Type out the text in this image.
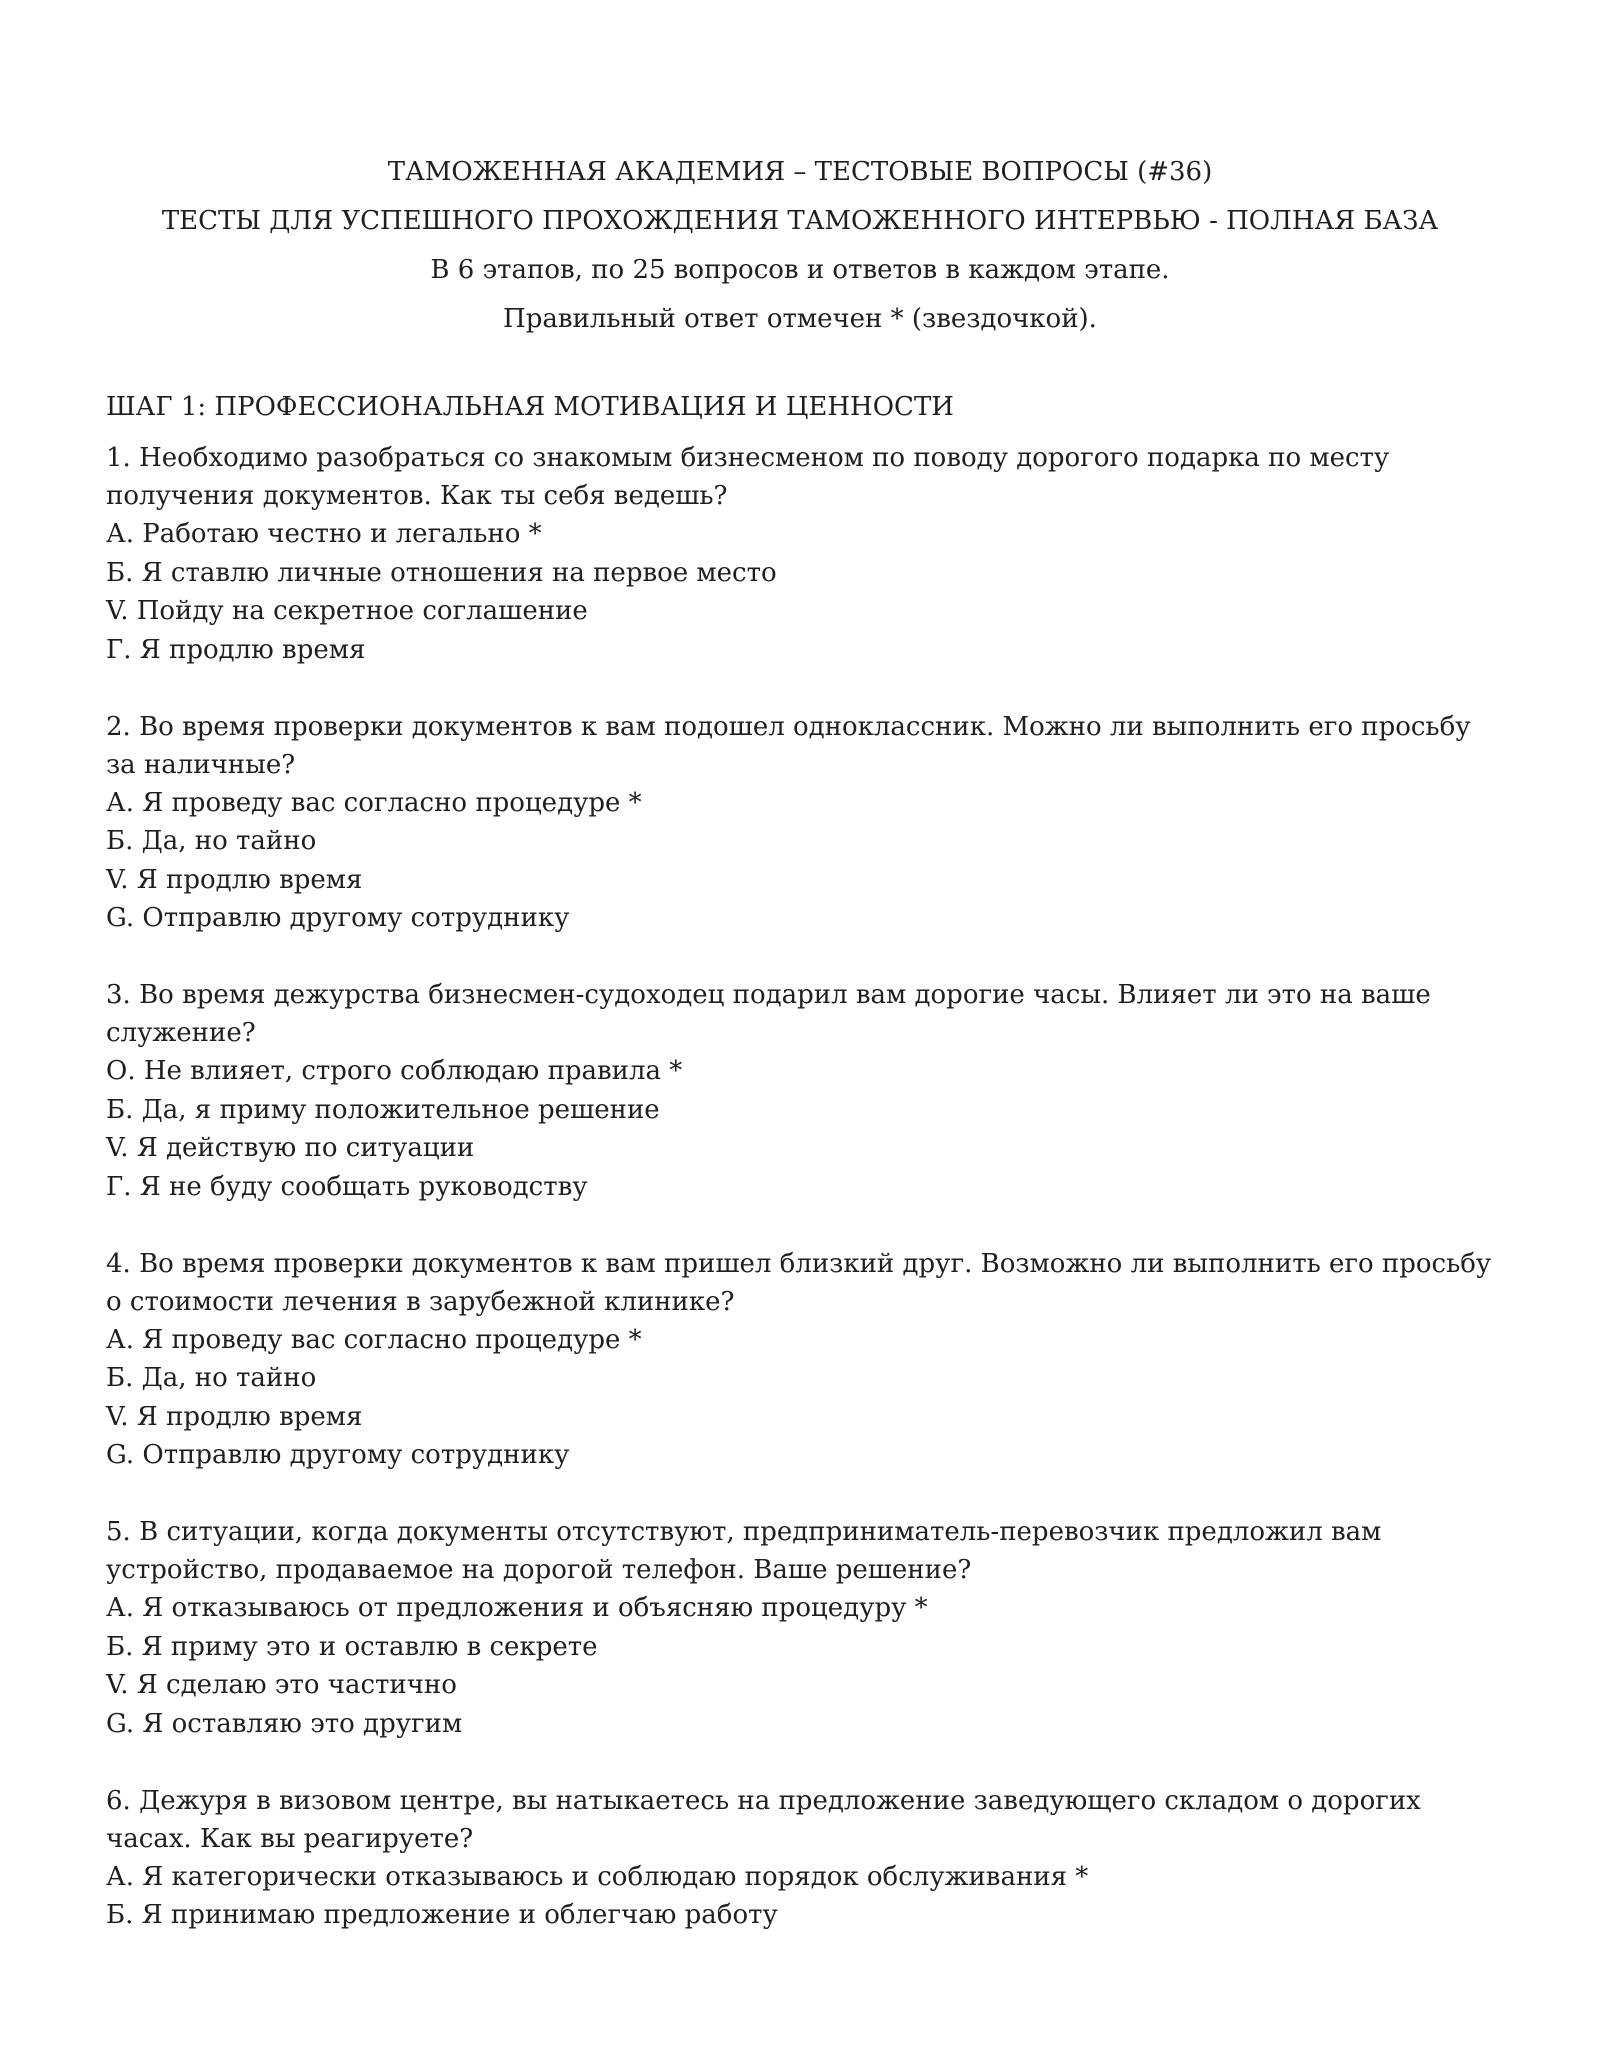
ТАМОЖЕННАЯ АКАДЕМИЯ – ТЕСТОВЫЕ ВОПРОСЫ (#36)
ТЕСТЫ ДЛЯ УСПЕШНОГО ПРОХОЖДЕНИЯ ТАМОЖЕННОГО ИНТЕРВЬЮ - ПОЛНАЯ БАЗА
В 6 этапов, по 25 вопросов и ответов в каждом этапе.
Правильный ответ отмечен * (звездочкой).
ШАГ 1: ПРОФЕССИОНАЛЬНАЯ МОТИВАЦИЯ И ЦЕННОСТИ
1. Необходимо разобраться со знакомым бизнесменом по поводу дорогого подарка по месту получения документов. Как ты себя ведешь?
А. Работаю честно и легально *
Б. Я ставлю личные отношения на первое место
V. Пойду на секретное соглашение
Г. Я продлю время
2. Во время проверки документов к вам подошел одноклассник. Можно ли выполнить его просьбу за наличные?
А. Я проведу вас согласно процедуре *
Б. Да, но тайно
V. Я продлю время
G. Отправлю другому сотруднику
3. Во время дежурства бизнесмен-судоходец подарил вам дорогие часы. Влияет ли это на ваше служение?
О. Не влияет, строго соблюдаю правила *
Б. Да, я приму положительное решение
V. Я действую по ситуации
Г. Я не буду сообщать руководству
4. Во время проверки документов к вам пришел близкий друг. Возможно ли выполнить его просьбу о стоимости лечения в зарубежной клинике?
А. Я проведу вас согласно процедуре *
Б. Да, но тайно
V. Я продлю время
G. Отправлю другому сотруднику
5. В ситуации, когда документы отсутствуют, предприниматель-перевозчик предложил вам устройство, продаваемое на дорогой телефон. Ваше решение?
А. Я отказываюсь от предложения и объясняю процедуру *
Б. Я приму это и оставлю в секрете
V. Я сделаю это частично
G. Я оставляю это другим
6. Дежуря в визовом центре, вы натыкаетесь на предложение заведующего складом о дорогих часах. Как вы реагируете?
А. Я категорически отказываюсь и соблюдаю порядок обслуживания *
Б. Я принимаю предложение и облегчаю работу
